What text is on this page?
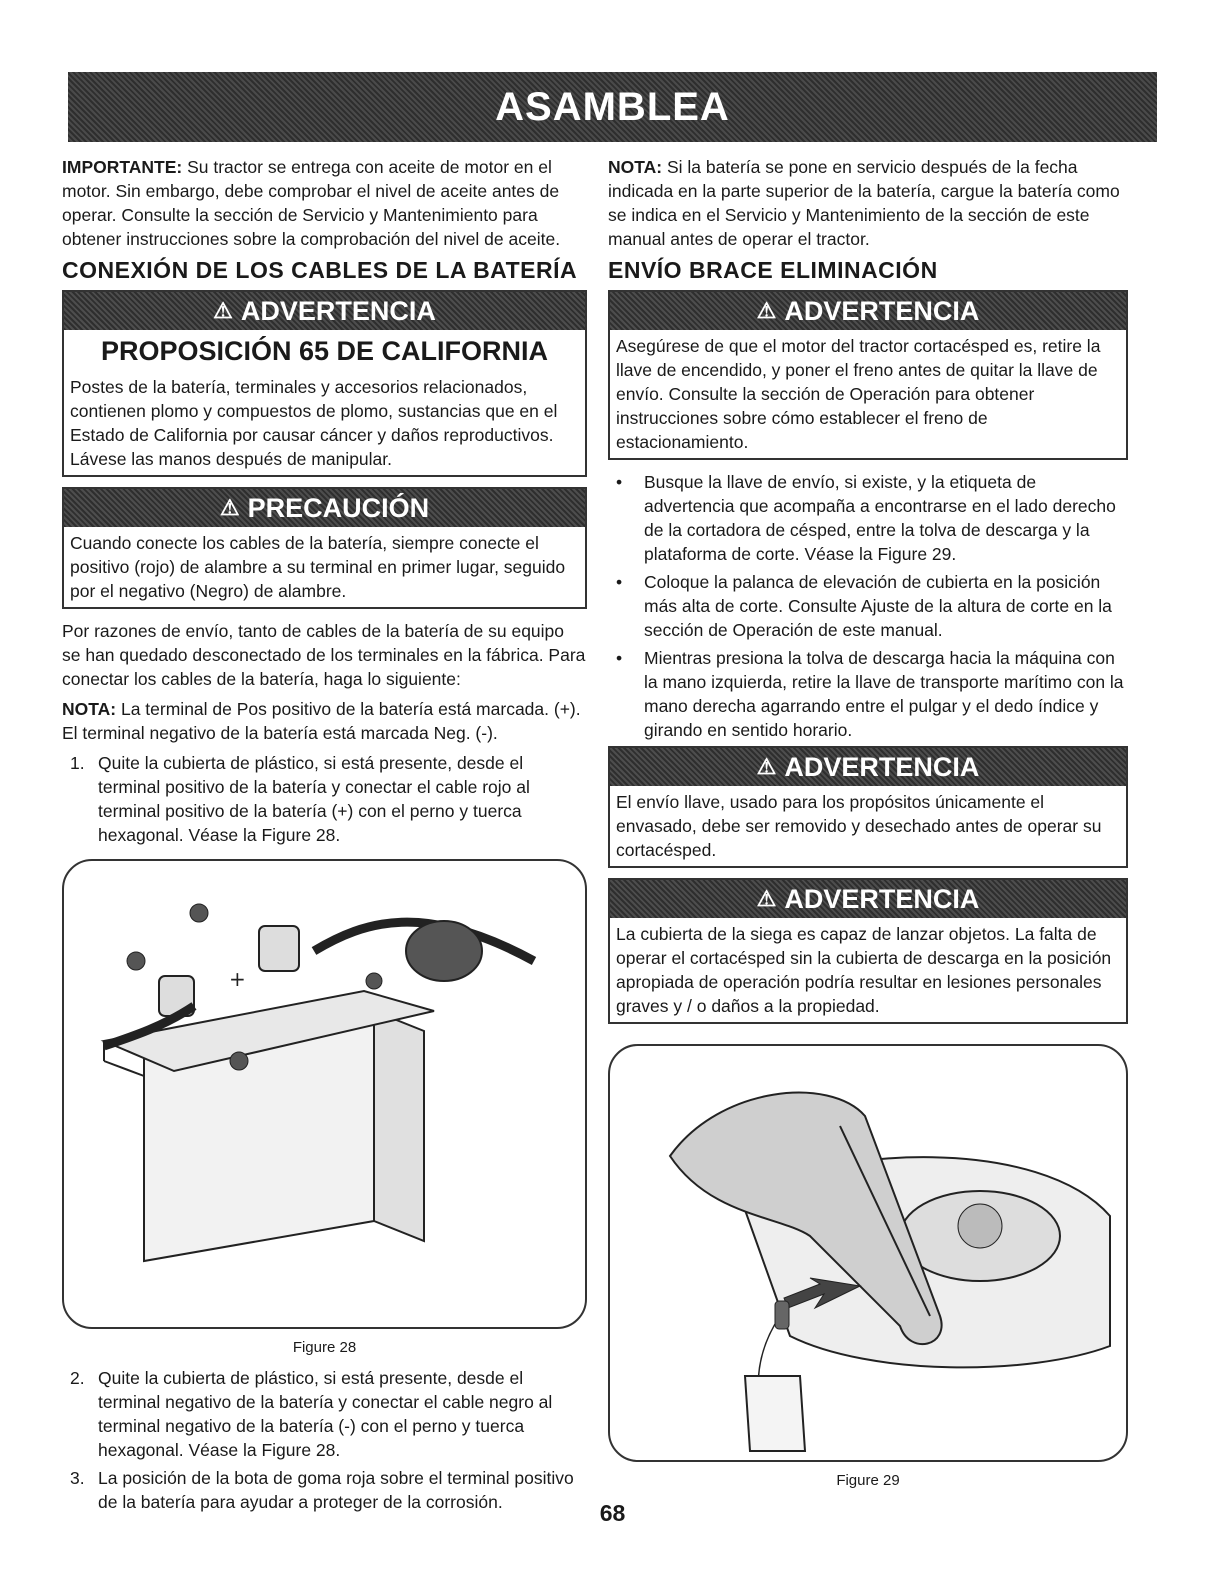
ASAMBLEA

IMPORTANTE: Su tractor se entrega con aceite de motor en el motor. Sin embargo, debe comprobar el nivel de aceite antes de operar. Consulte la sección de Servicio y Mantenimiento para obtener instrucciones sobre la comprobación del nivel de aceite.

CONEXIÓN DE LOS CABLES DE LA BATERÍA
⚠ ADVERTENCIA
PROPOSICIÓN 65 DE CALIFORNIA
Postes de la batería, terminales y accesorios relacionados, contienen plomo y compuestos de plomo, sustancias que en el Estado de California por causar cáncer y daños reproductivos. Lávese las manos después de manipular.
⚠ PRECAUCIÓN
Cuando conecte los cables de la batería, siempre conecte el positivo (rojo) de alambre a su terminal en primer lugar, seguido por el negativo (Negro) de alambre.

Por razones de envío, tanto de cables de la batería de su equipo se han quedado desconectado de los terminales en la fábrica. Para conectar los cables de la batería, haga lo siguiente:

NOTA: La terminal de Pos positivo de la batería está marcada. (+). El terminal negativo de la batería está marcada Neg. (-).

1. Quite la cubierta de plástico, si está presente, desde el terminal positivo de la batería y conectar el cable rojo al terminal positivo de la batería (+) con el perno y tuerca hexagonal. Véase la Figure 28.
+
Figure 28
2. Quite la cubierta de plástico, si está presente, desde el terminal negativo de la batería y conectar el cable negro al terminal negativo de la batería (-) con el perno y tuerca hexagonal. Véase la Figure 28.
3. La posición de la bota de goma roja sobre el terminal positivo de la batería para ayudar a proteger de la corrosión.

NOTA: Si la batería se pone en servicio después de la fecha indicada en la parte superior de la batería, cargue la batería como se indica en el Servicio y Mantenimiento de la sección de este manual antes de operar el tractor.

ENVÍO BRACE ELIMINACIÓN
⚠ ADVERTENCIA
Asegúrese de que el motor del tractor cortacésped es, retire la llave de encendido, y poner el freno antes de quitar la llave de envío. Consulte la sección de Operación para obtener instrucciones sobre cómo establecer el freno de estacionamiento.
•	Busque la llave de envío, si existe, y la etiqueta de advertencia que acompaña a encontrarse en el lado derecho de la cortadora de césped, entre la tolva de descarga y la plataforma de corte. Véase la Figure 29.
•	Coloque la palanca de elevación de cubierta en la posición más alta de corte. Consulte Ajuste de la altura de corte en la sección de Operación de este manual.
•	Mientras presiona la tolva de descarga hacia la máquina con la mano izquierda, retire la llave de transporte marítimo con la mano derecha agarrando entre el pulgar y el dedo índice y girando en sentido horario.
⚠ ADVERTENCIA
El envío llave, usado para los propósitos únicamente el envasado, debe ser removido y desechado antes de operar su cortacésped.
⚠ ADVERTENCIA
La cubierta de la siega es capaz de lanzar objetos. La falta de operar el cortacésped sin la cubierta de descarga en la posición apropiada de operación podría resultar en lesiones personales graves y / o daños a la propiedad.
Figure 29
68
